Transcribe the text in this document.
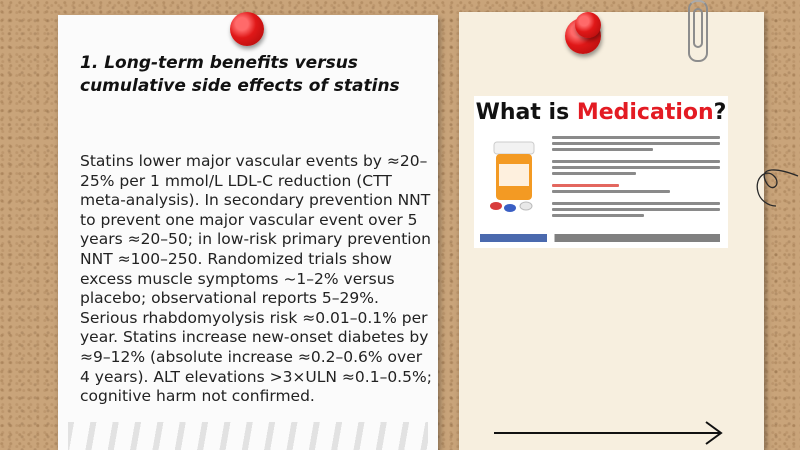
1. Long-term benefits versus cumulative side effects of statins

Statins lower major vascular events by ≈20–25% per 1 mmol/L LDL-C reduction (CTT meta-analysis). In secondary prevention NNT to prevent one major vascular event over 5 years ≈20–50; in low-risk primary prevention NNT ≈100–250. Randomized trials show excess muscle symptoms ~1–2% versus placebo; observational reports 5–29%. Serious rhabdomyolysis risk ≈0.01–0.1% per year. Statins increase new-onset diabetes by ≈9–12% (absolute increase ≈0.2–0.6% over 4 years). ALT elevations >3×ULN ≈0.1–0.5%; cognitive harm not confirmed.

What is Medication?
